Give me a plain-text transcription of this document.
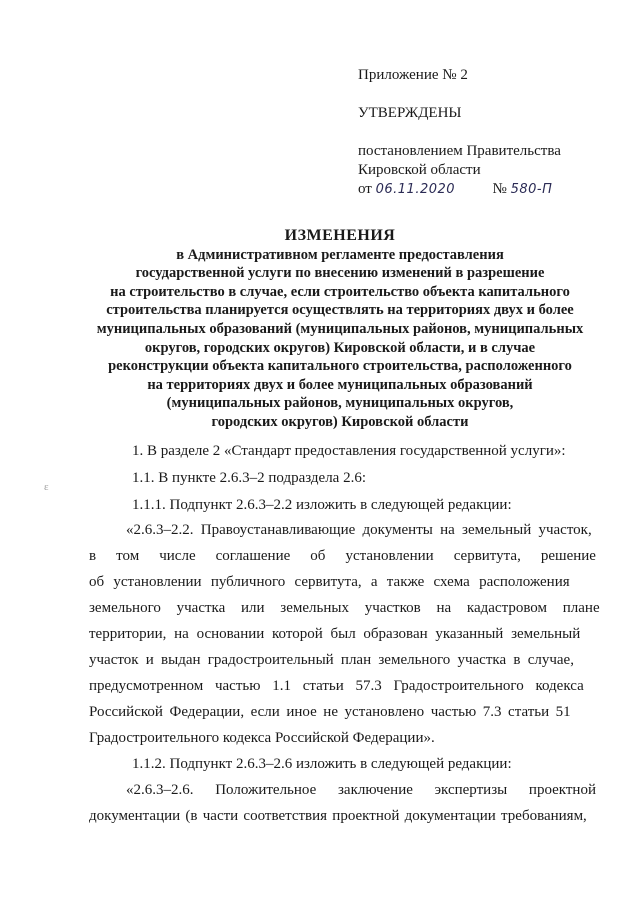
Приложение № 2
УТВЕРЖДЕНЫ
постановлением Правительства
Кировской области
от 06.11.2020	№ 580-П
ИЗМЕНЕНИЯ
в Административном регламенте предоставления
государственной услуги по внесению изменений в разрешение
на строительство в случае, если строительство объекта капитального
строительства планируется осуществлять на территориях двух и более
муниципальных образований (муниципальных районов, муниципальных
округов, городских округов) Кировской области, и в случае
реконструкции объекта капитального строительства, расположенного
на территориях двух и более муниципальных образований
(муниципальных районов, муниципальных округов,
городских округов) Кировской области
ɛ
1. В разделе 2 «Стандарт предоставления государственной услуги»:
1.1. В пункте 2.6.3–2 подраздела 2.6:
1.1.1. Подпункт 2.6.3–2.2 изложить в следующей редакции:
«2.6.3–2.2. Правоустанавливающие документы на земельный участок,
в том числе соглашение об установлении сервитута, решение
об установлении публичного сервитута, а также схема расположения
земельного участка или земельных участков на кадастровом плане
территории, на основании которой был образован указанный земельный
участок и выдан градостроительный план земельного участка в случае,
предусмотренном частью 1.1 статьи 57.3 Градостроительного кодекса
Российской Федерации, если иное не установлено частью 7.3 статьи 51
Градостроительного кодекса Российской Федерации».
1.1.2. Подпункт 2.6.3–2.6 изложить в следующей редакции:
«2.6.3–2.6. Положительное заключение экспертизы проектной
документации (в части соответствия проектной документации требованиям,
